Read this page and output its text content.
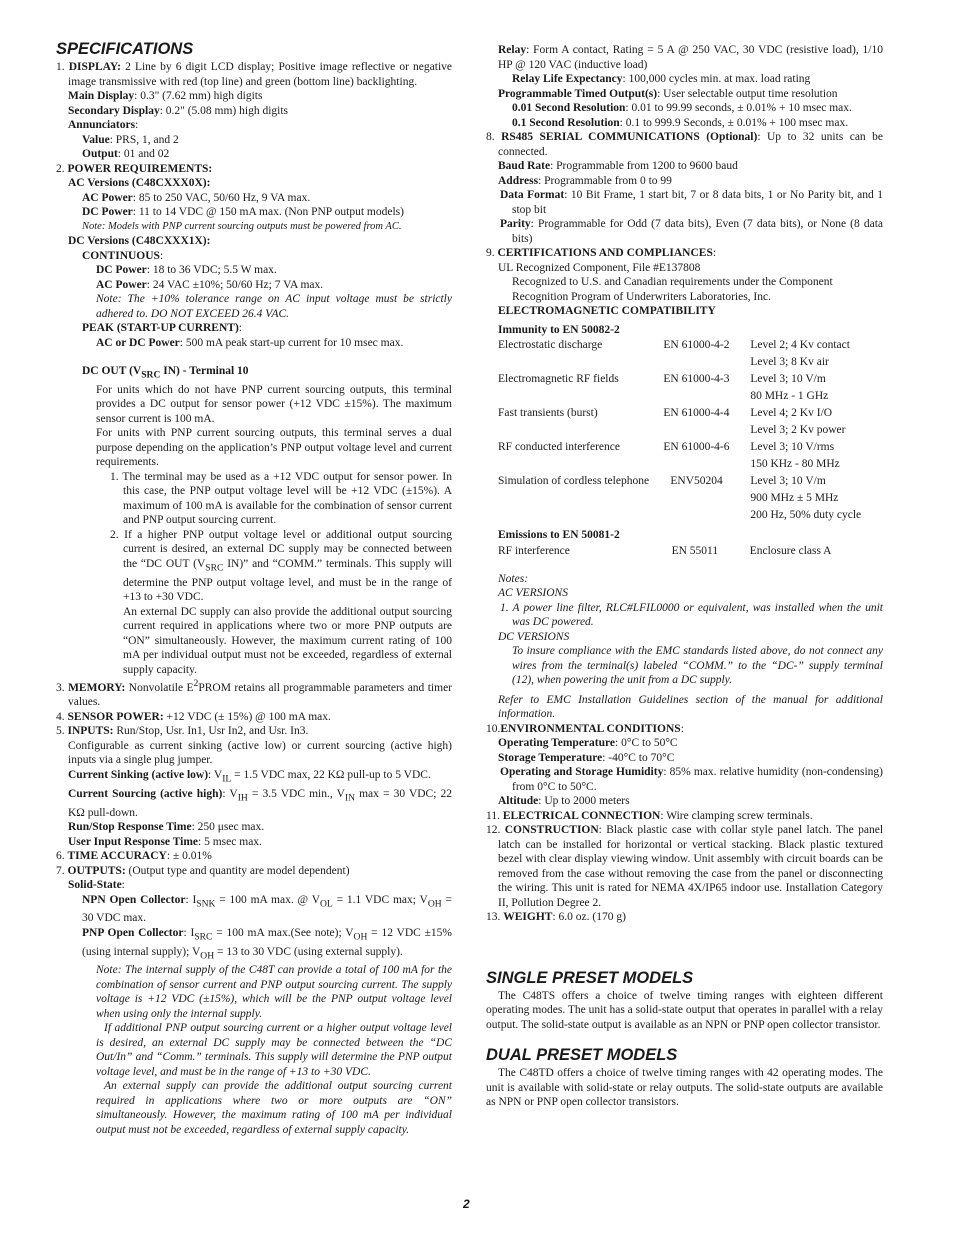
SPECIFICATIONS

1. DISPLAY: 2 Line by 6 digit LCD display; Positive image reflective or negative image transmissive with red (top line) and green (bottom line) backlighting.

Main Display: 0.3" (7.62 mm) high digits

Secondary Display: 0.2" (5.08 mm) high digits

Annunciators:

Value: PRS, 1, and 2

Output: 01 and 02

2. POWER REQUIREMENTS:

AC Versions (C48CXXX0X):

AC Power: 85 to 250 VAC, 50/60 Hz, 9 VA max.

DC Power: 11 to 14 VDC @ 150 mA max. (Non PNP output models)

Note: Models with PNP current sourcing outputs must be powered from AC.

DC Versions (C48CXXX1X):

CONTINUOUS:

DC Power: 18 to 36 VDC; 5.5 W max.

AC Power: 24 VAC ±10%; 50/60 Hz; 7 VA max.

Note: The +10% tolerance range on AC input voltage must be strictly adhered to. DO NOT EXCEED 26.4 VAC.

PEAK (START-UP CURRENT):

AC or DC Power: 500 mA peak start-up current for 10 msec max.

DC OUT ($V_{SRC}$ IN) - Terminal 10

For units which do not have PNP current sourcing outputs, this terminal provides a DC output for sensor power (+12 VDC ±15%). The maximum sensor current is 100 mA.

For units with PNP current sourcing outputs, this terminal serves a dual purpose depending on the application’s PNP output voltage level and current requirements.

1. The terminal may be used as a +12 VDC output for sensor power. In this case, the PNP output voltage level will be +12 VDC (±15%). A maximum of 100 mA is available for the combination of sensor current and PNP output sourcing current.

2. If a higher PNP output voltage level or additional output sourcing current is desired, an external DC supply may be connected between the “DC OUT ($V_{SRC}$ IN)” and “COMM.” terminals. This supply will determine the PNP output voltage level, and must be in the range of +13 to +30 VDC.

An external DC supply can also provide the additional output sourcing current required in applications where two or more PNP outputs are “ON” simultaneously. However, the maximum current rating of 100 mA per individual output must not be exceeded, regardless of external supply capacity.

3. MEMORY: Nonvolatile $E^2PROM$ retains all programmable parameters and timer values.

4. SENSOR POWER: +12 VDC (± 15%) @ 100 mA max.

5. INPUTS: Run/Stop, Usr. In1, Usr In2, and Usr. In3.

Configurable as current sinking (active low) or current sourcing (active high) inputs via a single plug jumper.

Current Sinking (active low): $V_{IL} = 1.5$ VDC max, 22 KΩ pull-up to 5 VDC.

Current Sourcing (active high): $V_{IH} = 3.5$ VDC min., $V_{IN}$ max = 30 VDC; 22 KΩ pull-down.

Run/Stop Response Time: 250 μsec max.

User Input Response Time: 5 msec max.

6. TIME ACCURACY: ± 0.01%

7. OUTPUTS: (Output type and quantity are model dependent)

Solid-State:

NPN Open Collector: $I_{SNK} = 100$ mA max. @ $V_{OL} = 1.1$ VDC max; $V_{OH} = 30$ VDC max.

PNP Open Collector: $I_{SRC} = 100$ mA max.(See note); $V_{OH} = 12$ VDC ±15% (using internal supply); $V_{OH} = 13$ to 30 VDC (using external supply).

Note: The internal supply of the C48T can provide a total of 100 mA for the combination of sensor current and PNP output sourcing current. The supply voltage is +12 VDC (±15%), which will be the PNP output voltage level when using only the internal supply.

If additional PNP output sourcing current or a higher output voltage level is desired, an external DC supply may be connected between the “DC Out/In” and “Comm.” terminals. This supply will determine the PNP output voltage level, and must be in the range of +13 to +30 VDC.

An external supply can provide the additional output sourcing current required in applications where two or more outputs are “ON” simultaneously. However, the maximum rating of 100 mA per individual output must not be exceeded, regardless of external supply capacity.

Relay: Form A contact, Rating = 5 A @ 250 VAC, 30 VDC (resistive load), 1/10 HP @ 120 VAC (inductive load)

Relay Life Expectancy: 100,000 cycles min. at max. load rating

Programmable Timed Output(s): User selectable output time resolution

0.01 Second Resolution: 0.01 to 99.99 seconds, ± 0.01% + 10 msec max.

0.1 Second Resolution: 0.1 to 999.9 Seconds, ± 0.01% + 100 msec max.

8. RS485 SERIAL COMMUNICATIONS (Optional): Up to 32 units can be connected.

Baud Rate: Programmable from 1200 to 9600 baud

Address: Programmable from 0 to 99

Data Format: 10 Bit Frame, 1 start bit, 7 or 8 data bits, 1 or No Parity bit, and 1 stop bit

Parity: Programmable for Odd (7 data bits), Even (7 data bits), or None (8 data bits)

9. CERTIFICATIONS AND COMPLIANCES:

UL Recognized Component, File #E137808

Recognized to U.S. and Canadian requirements under the Component Recognition Program of Underwriters Laboratories, Inc.

ELECTROMAGNETIC COMPATIBILITY

Immunity to EN 50082-2

Electrostatic discharge	EN 61000-4-2	Level 2; 4 Kv contact
		Level 3; 8 Kv air
Electromagnetic RF fields	EN 61000-4-3	Level 3; 10 V/m
		80 MHz - 1 GHz
Fast transients (burst)	EN 61000-4-4	Level 4; 2 Kv I/O
		Level 3; 2 Kv power
RF conducted interference	EN 61000-4-6	Level 3; 10 V/rms
		150 KHz - 80 MHz
Simulation of cordless telephone	ENV50204	Level 3; 10 V/m
		900 MHz ± 5 MHz
		200 Hz, 50% duty cycle

Emissions to EN 50081-2

RF interference	EN 55011	Enclosure class A

Notes:

AC VERSIONS

1. A power line filter, RLC#LFIL0000 or equivalent, was installed when the unit was DC powered.

DC VERSIONS

To insure compliance with the EMC standards listed above, do not connect any wires from the terminal(s) labeled “COMM.” to the “DC-” supply terminal (12), when powering the unit from a DC supply.

Refer to EMC Installation Guidelines section of the manual for additional information.

10.ENVIRONMENTAL CONDITIONS:

Operating Temperature: 0°C to 50°C

Storage Temperature: -40°C to 70°C

Operating and Storage Humidity: 85% max. relative humidity (non-condensing) from 0°C to 50°C.

Altitude: Up to 2000 meters

11. ELECTRICAL CONNECTION: Wire clamping screw terminals.

12. CONSTRUCTION: Black plastic case with collar style panel latch. The panel latch can be installed for horizontal or vertical stacking. Black plastic textured bezel with clear display viewing window. Unit assembly with circuit boards can be removed from the case without removing the case from the panel or disconnecting the wiring. This unit is rated for NEMA 4X/IP65 indoor use. Installation Category II, Pollution Degree 2.

13. WEIGHT: 6.0 oz. (170 g)

SINGLE PRESET MODELS

The C48TS offers a choice of twelve timing ranges with eighteen different operating modes. The unit has a solid-state output that operates in parallel with a relay output. The solid-state output is available as an NPN or PNP open collector transistor.

DUAL PRESET MODELS

The C48TD offers a choice of twelve timing ranges with 42 operating modes. The unit is available with solid-state or relay outputs. The solid-state outputs are available as NPN or PNP open collector transistors.

2
